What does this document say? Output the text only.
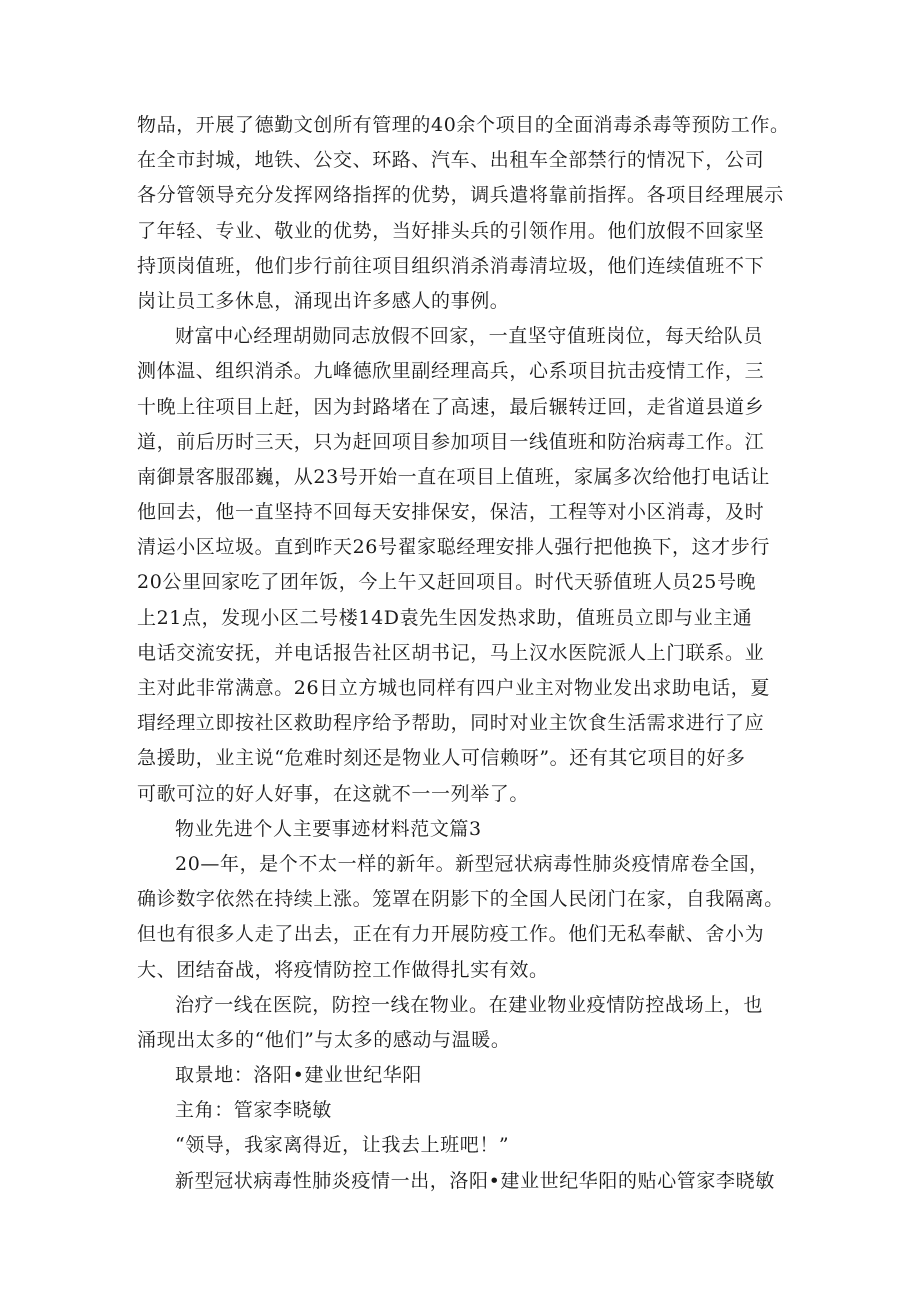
物品，开展了德勤文创所有管理的40余个项目的全面消毒杀毒等预防工作。
在全市封城，地铁、公交、环路、汽车、出租车全部禁行的情况下，公司
各分管领导充分发挥网络指挥的优势，调兵遣将靠前指挥。各项目经理展示
了年轻、专业、敬业的优势，当好排头兵的引领作用。他们放假不回家坚
持顶岗值班，他们步行前往项目组织消杀消毒清垃圾，他们连续值班不下
岗让员工多休息，涌现出许多感人的事例。
财富中心经理胡勋同志放假不回家，一直坚守值班岗位，每天给队员
测体温、组织消杀。九峰德欣里副经理高兵，心系项目抗击疫情工作，三
十晚上往项目上赶，因为封路堵在了高速，最后辗转迂回，走省道县道乡
道，前后历时三天，只为赶回项目参加项目一线值班和防治病毒工作。江
南御景客服邵巍，从23号开始一直在项目上值班，家属多次给他打电话让
他回去，他一直坚持不回每天安排保安，保洁，工程等对小区消毒，及时
清运小区垃圾。直到昨天26号翟家聪经理安排人强行把他换下，这才步行
20公里回家吃了团年饭，今上午又赶回项目。时代天骄值班人员25号晚
上21点，发现小区二号楼14D袁先生因发热求助，值班员立即与业主通
电话交流安抚，并电话报告社区胡书记，马上汉水医院派人上门联系。业
主对此非常满意。26日立方城也同样有四户业主对物业发出求助电话，夏
瑁经理立即按社区救助程序给予帮助，同时对业主饮食生活需求进行了应
急援助，业主说“危难时刻还是物业人可信赖呀”。还有其它项目的好多
可歌可泣的好人好事，在这就不一一列举了。
物业先进个人主要事迹材料范文篇3
20—年，是个不太一样的新年。新型冠状病毒性肺炎疫情席卷全国，
确诊数字依然在持续上涨。笼罩在阴影下的全国人民闭门在家，自我隔离。
但也有很多人走了出去，正在有力开展防疫工作。他们无私奉献、舍小为
大、团结奋战，将疫情防控工作做得扎实有效。
治疗一线在医院，防控一线在物业。在建业物业疫情防控战场上，也
涌现出太多的“他们”与太多的感动与温暖。
取景地：洛阳•建业世纪华阳
主角：管家李晓敏
“领导，我家离得近，让我去上班吧！”
新型冠状病毒性肺炎疫情一出，洛阳•建业世纪华阳的贴心管家李晓敏
